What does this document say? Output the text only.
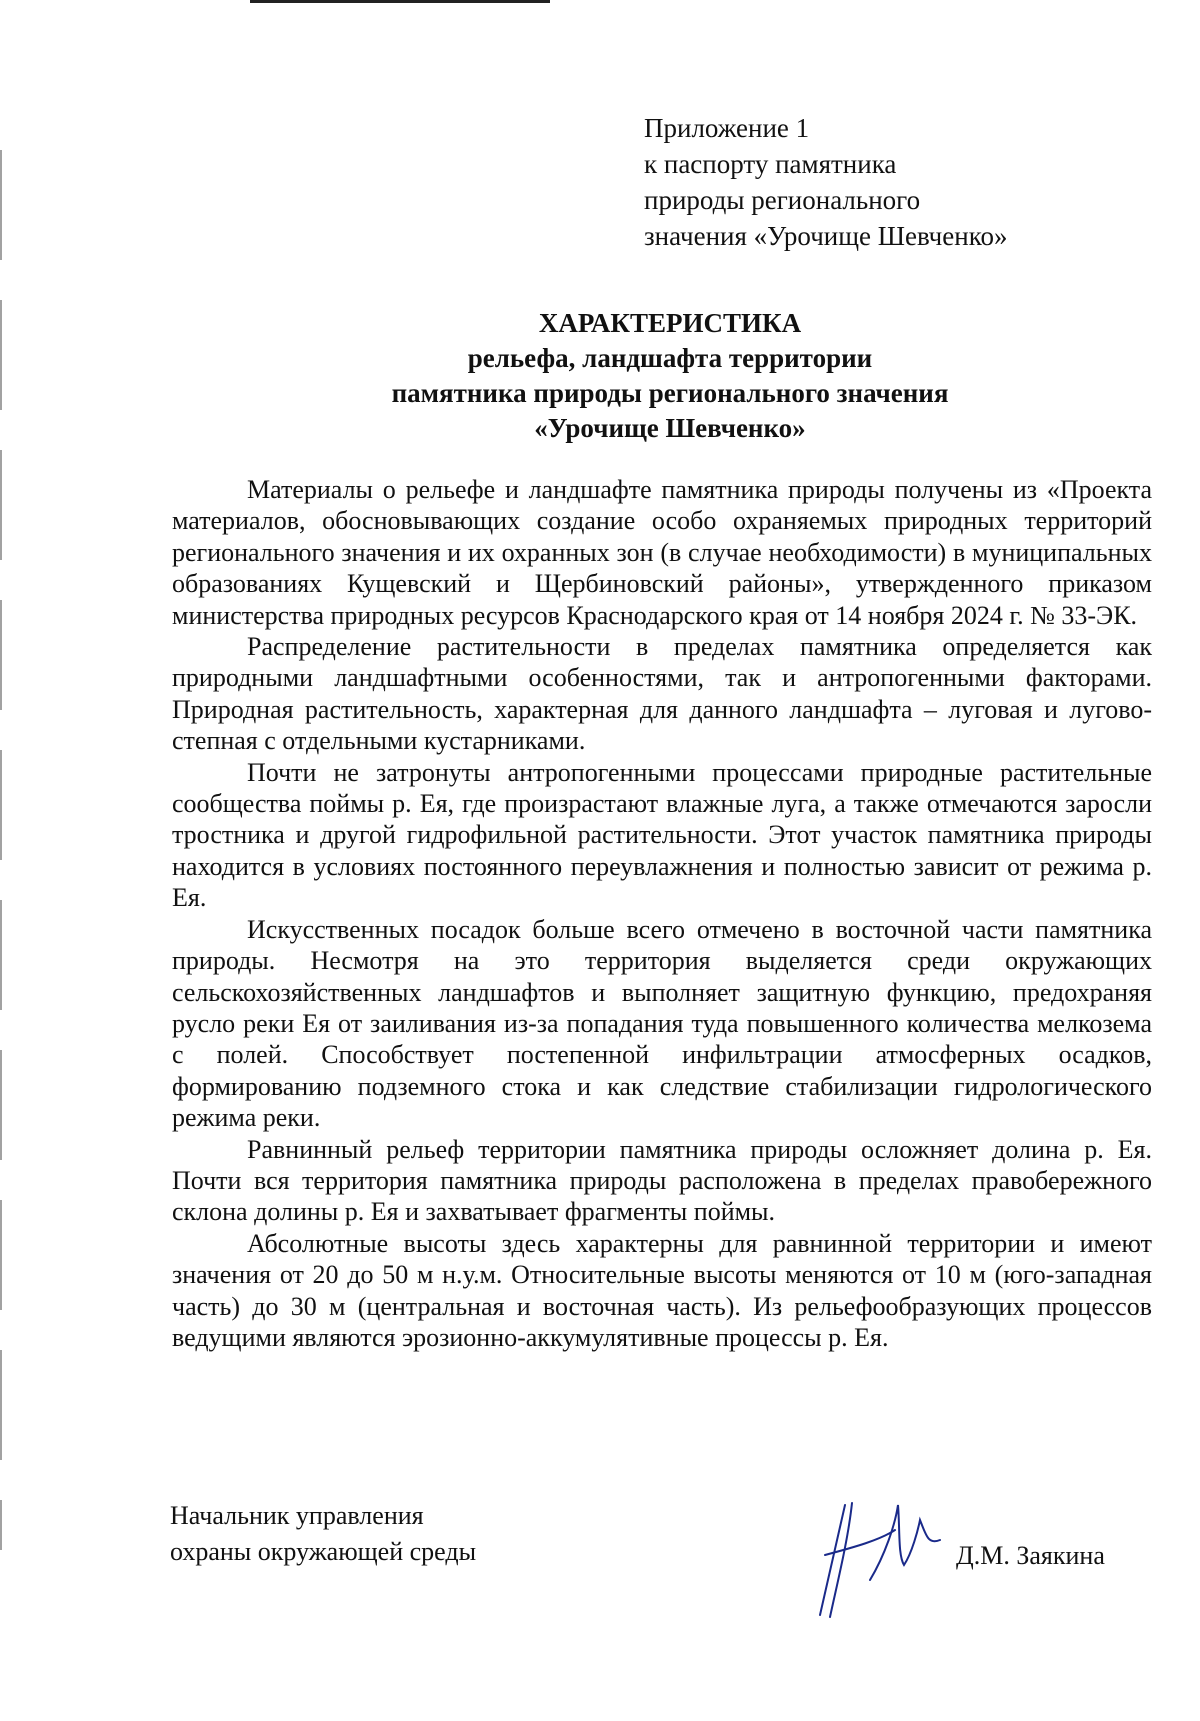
Приложение 1
к паспорту памятника
природы регионального
значения «Урочище Шевченко»
ХАРАКТЕРИСТИКА
рельефа, ландшафта территории
памятника природы регионального значения
«Урочище Шевченко»

Материалы о рельефе и ландшафте памятника природы получены из «Проекта материалов, обосновывающих создание особо охраняемых природных территорий регионального значения и их охранных зон (в случае необходимости) в муниципальных образованиях Кущевский и Щербиновский районы», утвержденного приказом министерства природных ресурсов Краснодарского края от 14 ноября 2024 г. № 33-ЭК.

Распределение растительности в пределах памятника определяется как природными ландшафтными особенностями, так и антропогенными факторами. Природная растительность, характерная для данного ландшафта – луговая и лугово-степная с отдельными кустарниками.

Почти не затронуты антропогенными процессами природные растительные сообщества поймы р. Ея, где произрастают влажные луга, а также отмечаются заросли тростника и другой гидрофильной растительности. Этот участок памятника природы находится в условиях постоянного переувлажнения и полностью зависит от режима р. Ея.

Искусственных посадок больше всего отмечено в восточной части памятника природы. Несмотря на это территория выделяется среди окружающих сельскохозяйственных ландшафтов и выполняет защитную функцию, предохраняя русло реки Ея от заиливания из-за попадания туда повышенного количества мелкозема с полей. Способствует постепенной инфильтрации атмосферных осадков, формированию подземного стока и как следствие стабилизации гидрологического режима реки.

Равнинный рельеф территории памятника природы осложняет долина р. Ея. Почти вся территория памятника природы расположена в пределах правобережного склона долины р. Ея и захватывает фрагменты поймы.

Абсолютные высоты здесь характерны для равнинной территории и имеют значения от 20 до 50 м н.у.м. Относительные высоты меняются от 10 м (юго-западная часть) до 30 м (центральная и восточная часть). Из рельефообразующих процессов ведущими являются эрозионно-аккумулятивные процессы р. Ея.

Начальник управления
охраны окружающей среды	Д.М. Заякина
